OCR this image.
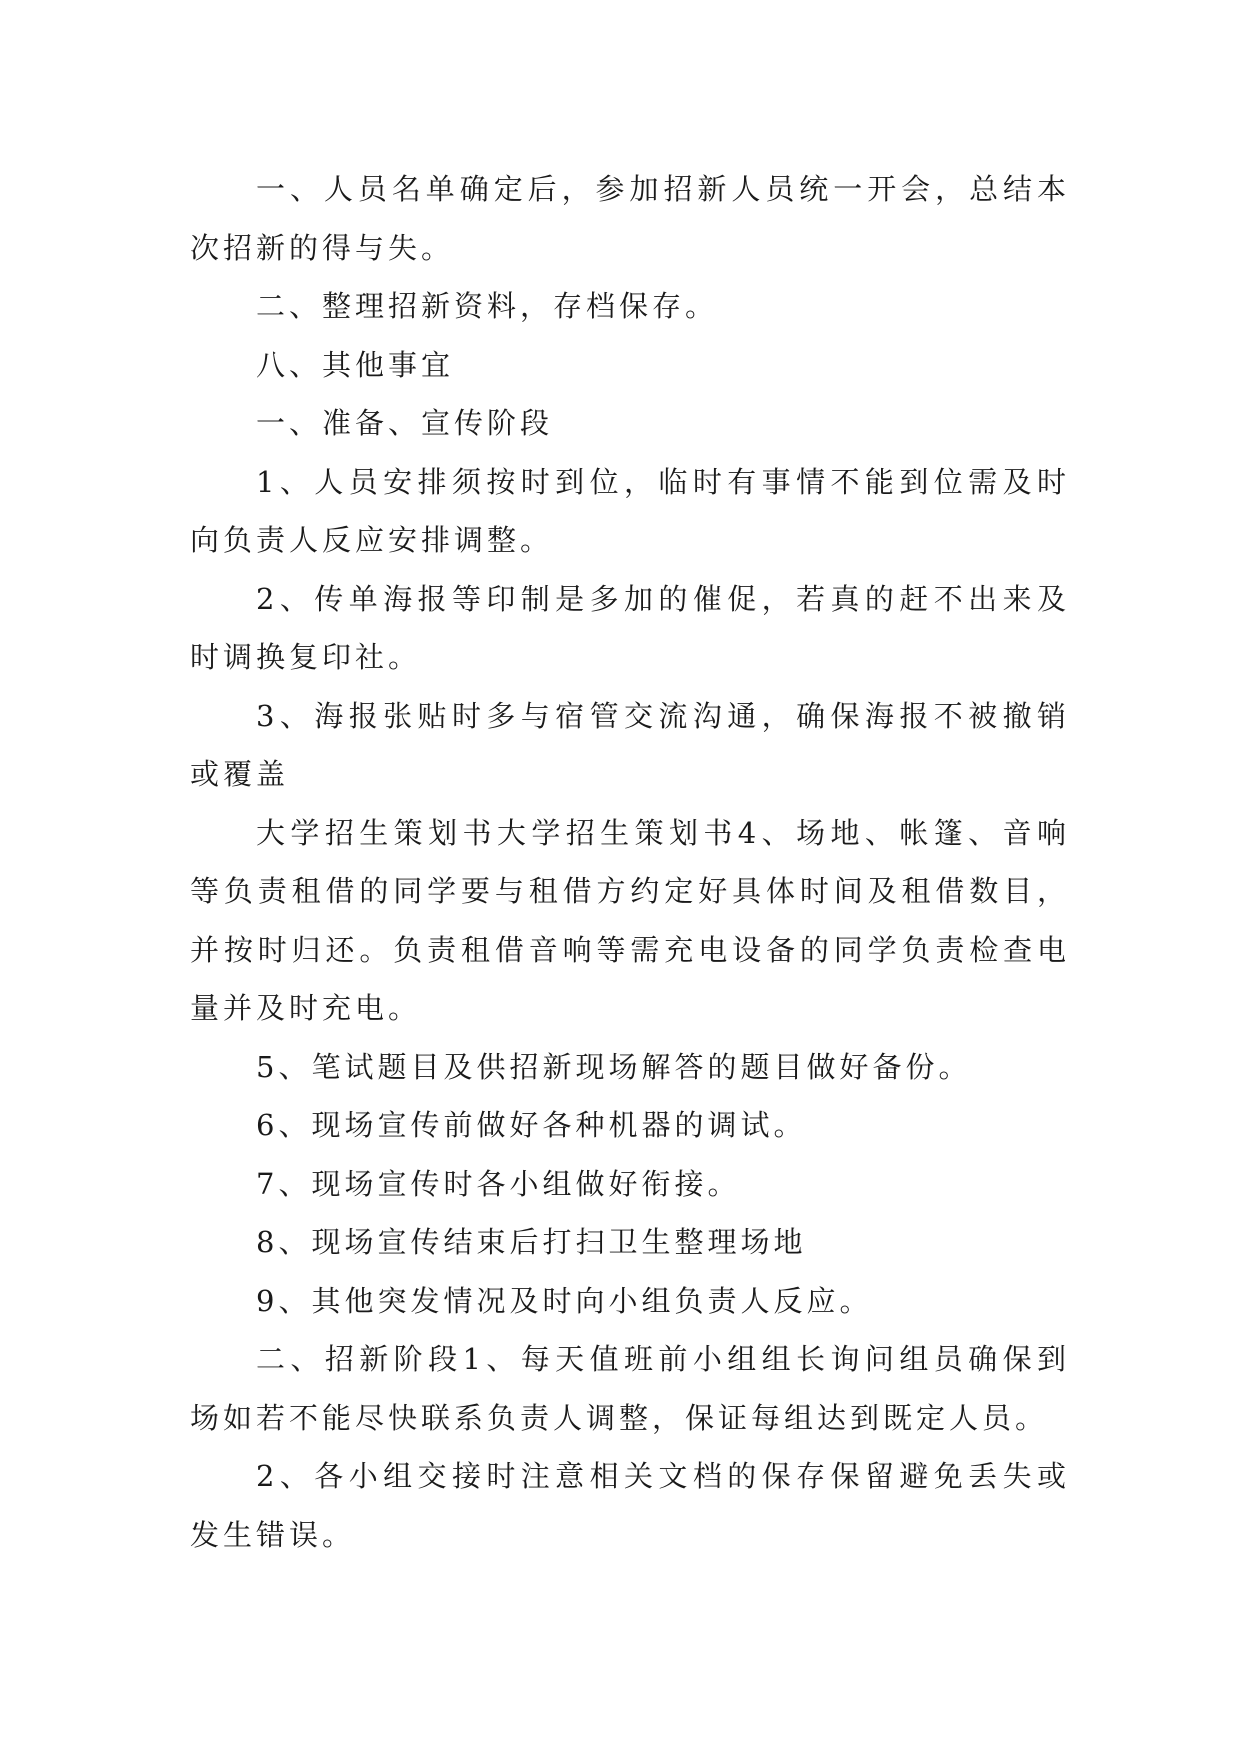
一、人员名单确定后，参加招新人员统一开会，总结本次招新的得与失。

二、整理招新资料，存档保存。

八、其他事宜

一、准备、宣传阶段

1、人员安排须按时到位，临时有事情不能到位需及时向负责人反应安排调整。

2、传单海报等印制是多加的催促，若真的赶不出来及时调换复印社。

3、海报张贴时多与宿管交流沟通，确保海报不被撤销或覆盖

大学招生策划书大学招生策划书4、场地、帐篷、音响等负责租借的同学要与租借方约定好具体时间及租借数目，并按时归还。负责租借音响等需充电设备的同学负责检查电量并及时充电。

5、笔试题目及供招新现场解答的题目做好备份。

6、现场宣传前做好各种机器的调试。

7、现场宣传时各小组做好衔接。

8、现场宣传结束后打扫卫生整理场地

9、其他突发情况及时向小组负责人反应。

二、招新阶段1、每天值班前小组组长询问组员确保到场如若不能尽快联系负责人调整，保证每组达到既定人员。

2、各小组交接时注意相关文档的保存保留避免丢失或发生错误。
